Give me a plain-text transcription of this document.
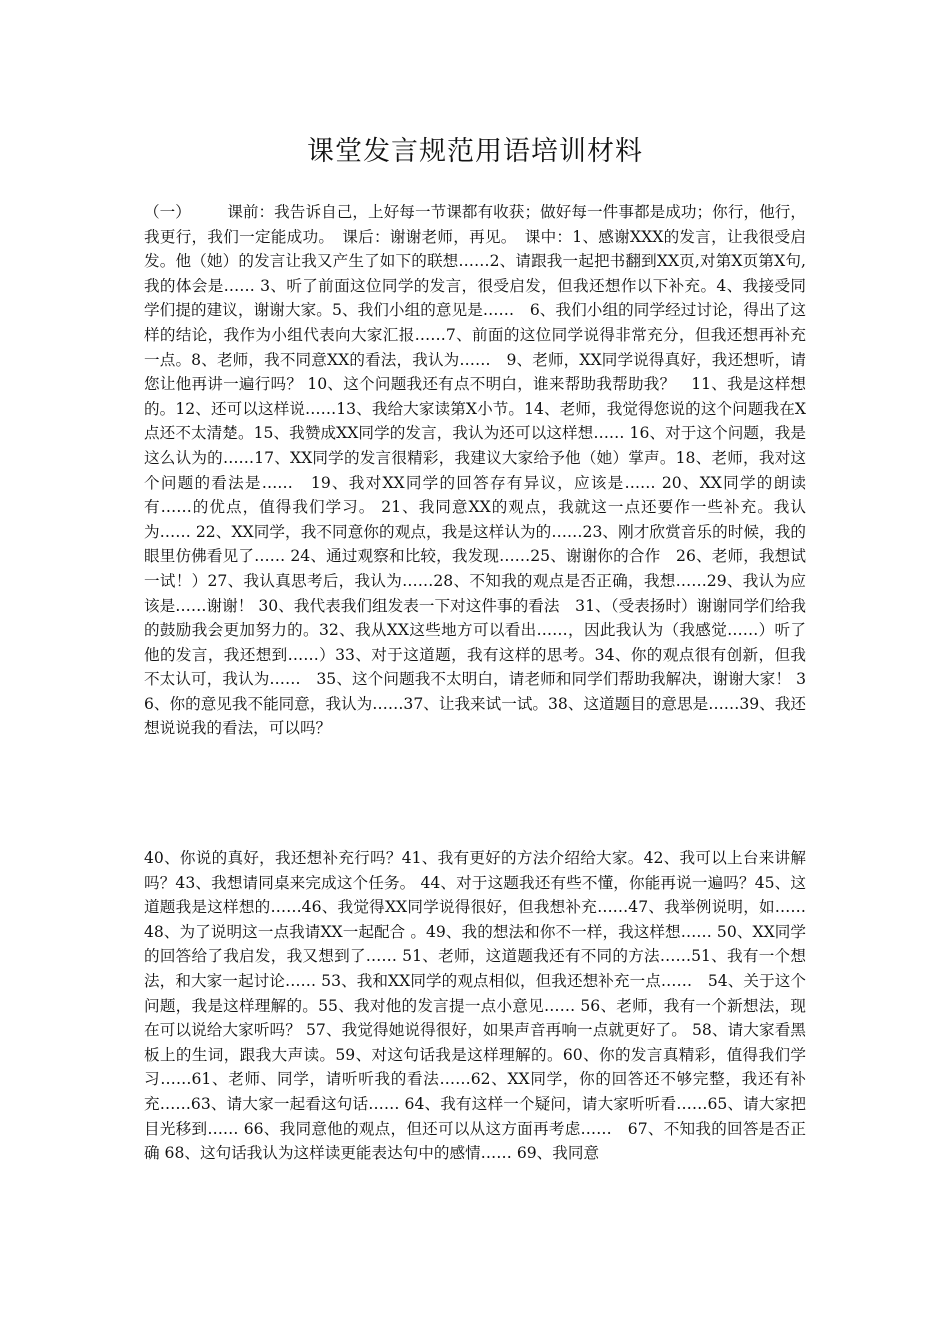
课堂发言规范用语培训材料
（一） 　　课前：我告诉自己，上好每一节课都有收获；做好每一件事都是成功；你行，他行，我更行，我们一定能成功。　课后：谢谢老师，再见。　课中：1、感谢XXX的发言，让我很受启发。他（她）的发言让我又产生了如下的联想……2、请跟我一起把书翻到XX页,对第X页第X句,我的体会是…… 3、听了前面这位同学的发言，很受启发，但我还想作以下补充。4、我接受同学们提的建议，谢谢大家。5、我们小组的意见是……　6、我们小组的同学经过讨论，得出了这样的结论，我作为小组代表向大家汇报……7、前面的这位同学说得非常充分，但我还想再补充一点。8、老师，我不同意XX的看法，我认为……　9、老师，XX同学说得真好，我还想听，请您让他再讲一遍行吗？ 10、这个问题我还有点不明白，谁来帮助我帮助我？　11、我是这样想的。12、还可以这样说……13、我给大家读第X小节。14、老师，我觉得您说的这个问题我在X点还不太清楚。15、我赞成XX同学的发言，我认为还可以这样想…… 16、对于这个问题，我是这么认为的……17、XX同学的发言很精彩，我建议大家给予他（她）掌声。18、老师，我对这个问题的看法是……　19、我对XX同学的回答存有异议，应该是…… 20、XX同学的朗读有……的优点，值得我们学习。 21、我同意XX的观点，我就这一点还要作一些补充。我认为…… 22、XX同学，我不同意你的观点，我是这样认为的……23、刚才欣赏音乐的时候，我的眼里仿佛看见了…… 24、通过观察和比较，我发现……25、谢谢你的合作　26、老师，我想试一试！）27、我认真思考后，我认为……28、不知我的观点是否正确，我想……29、我认为应该是……谢谢！ 30、我代表我们组发表一下对这件事的看法　31、（受表扬时）谢谢同学们给我的鼓励我会更加努力的。32、我从XX这些地方可以看出……，因此我认为（我感觉……）听了他的发言，我还想到……）33、对于这道题，我有这样的思考。34、你的观点很有创新，但我不太认可，我认为……　35、这个问题我不太明白，请老师和同学们帮助我解决，谢谢大家！ 36、你的意见我不能同意，我认为……37、让我来试一试。38、这道题目的意思是……39、我还想说说我的看法，可以吗？
40、你说的真好，我还想补充行吗？41、我有更好的方法介绍给大家。42、我可以上台来讲解吗？43、我想请同桌来完成这个任务。 44、对于这题我还有些不懂，你能再说一遍吗？45、这道题我是这样想的……46、我觉得XX同学说得很好，但我想补充……47、我举例说明，如…… 48、为了说明这一点我请XX一起配合 。49、我的想法和你不一样，我这样想…… 50、XX同学的回答给了我启发，我又想到了…… 51、老师，这道题我还有不同的方法……51、我有一个想法，和大家一起讨论…… 53、我和XX同学的观点相似，但我还想补充一点……　54、关于这个问题，我是这样理解的。55、我对他的发言提一点小意见…… 56、老师，我有一个新想法，现在可以说给大家听吗？ 57、我觉得她说得很好，如果声音再响一点就更好了。 58、请大家看黑板上的生词，跟我大声读。59、对这句话我是这样理解的。60、你的发言真精彩，值得我们学习……61、老师、同学，请听听我的看法……62、XX同学，你的回答还不够完整，我还有补充……63、请大家一起看这句话…… 64、我有这样一个疑问，请大家听听看……65、请大家把目光移到…… 66、我同意他的观点，但还可以从这方面再考虑……　67、不知我的回答是否正确 68、这句话我认为这样读更能表达句中的感情…… 69、我同意
